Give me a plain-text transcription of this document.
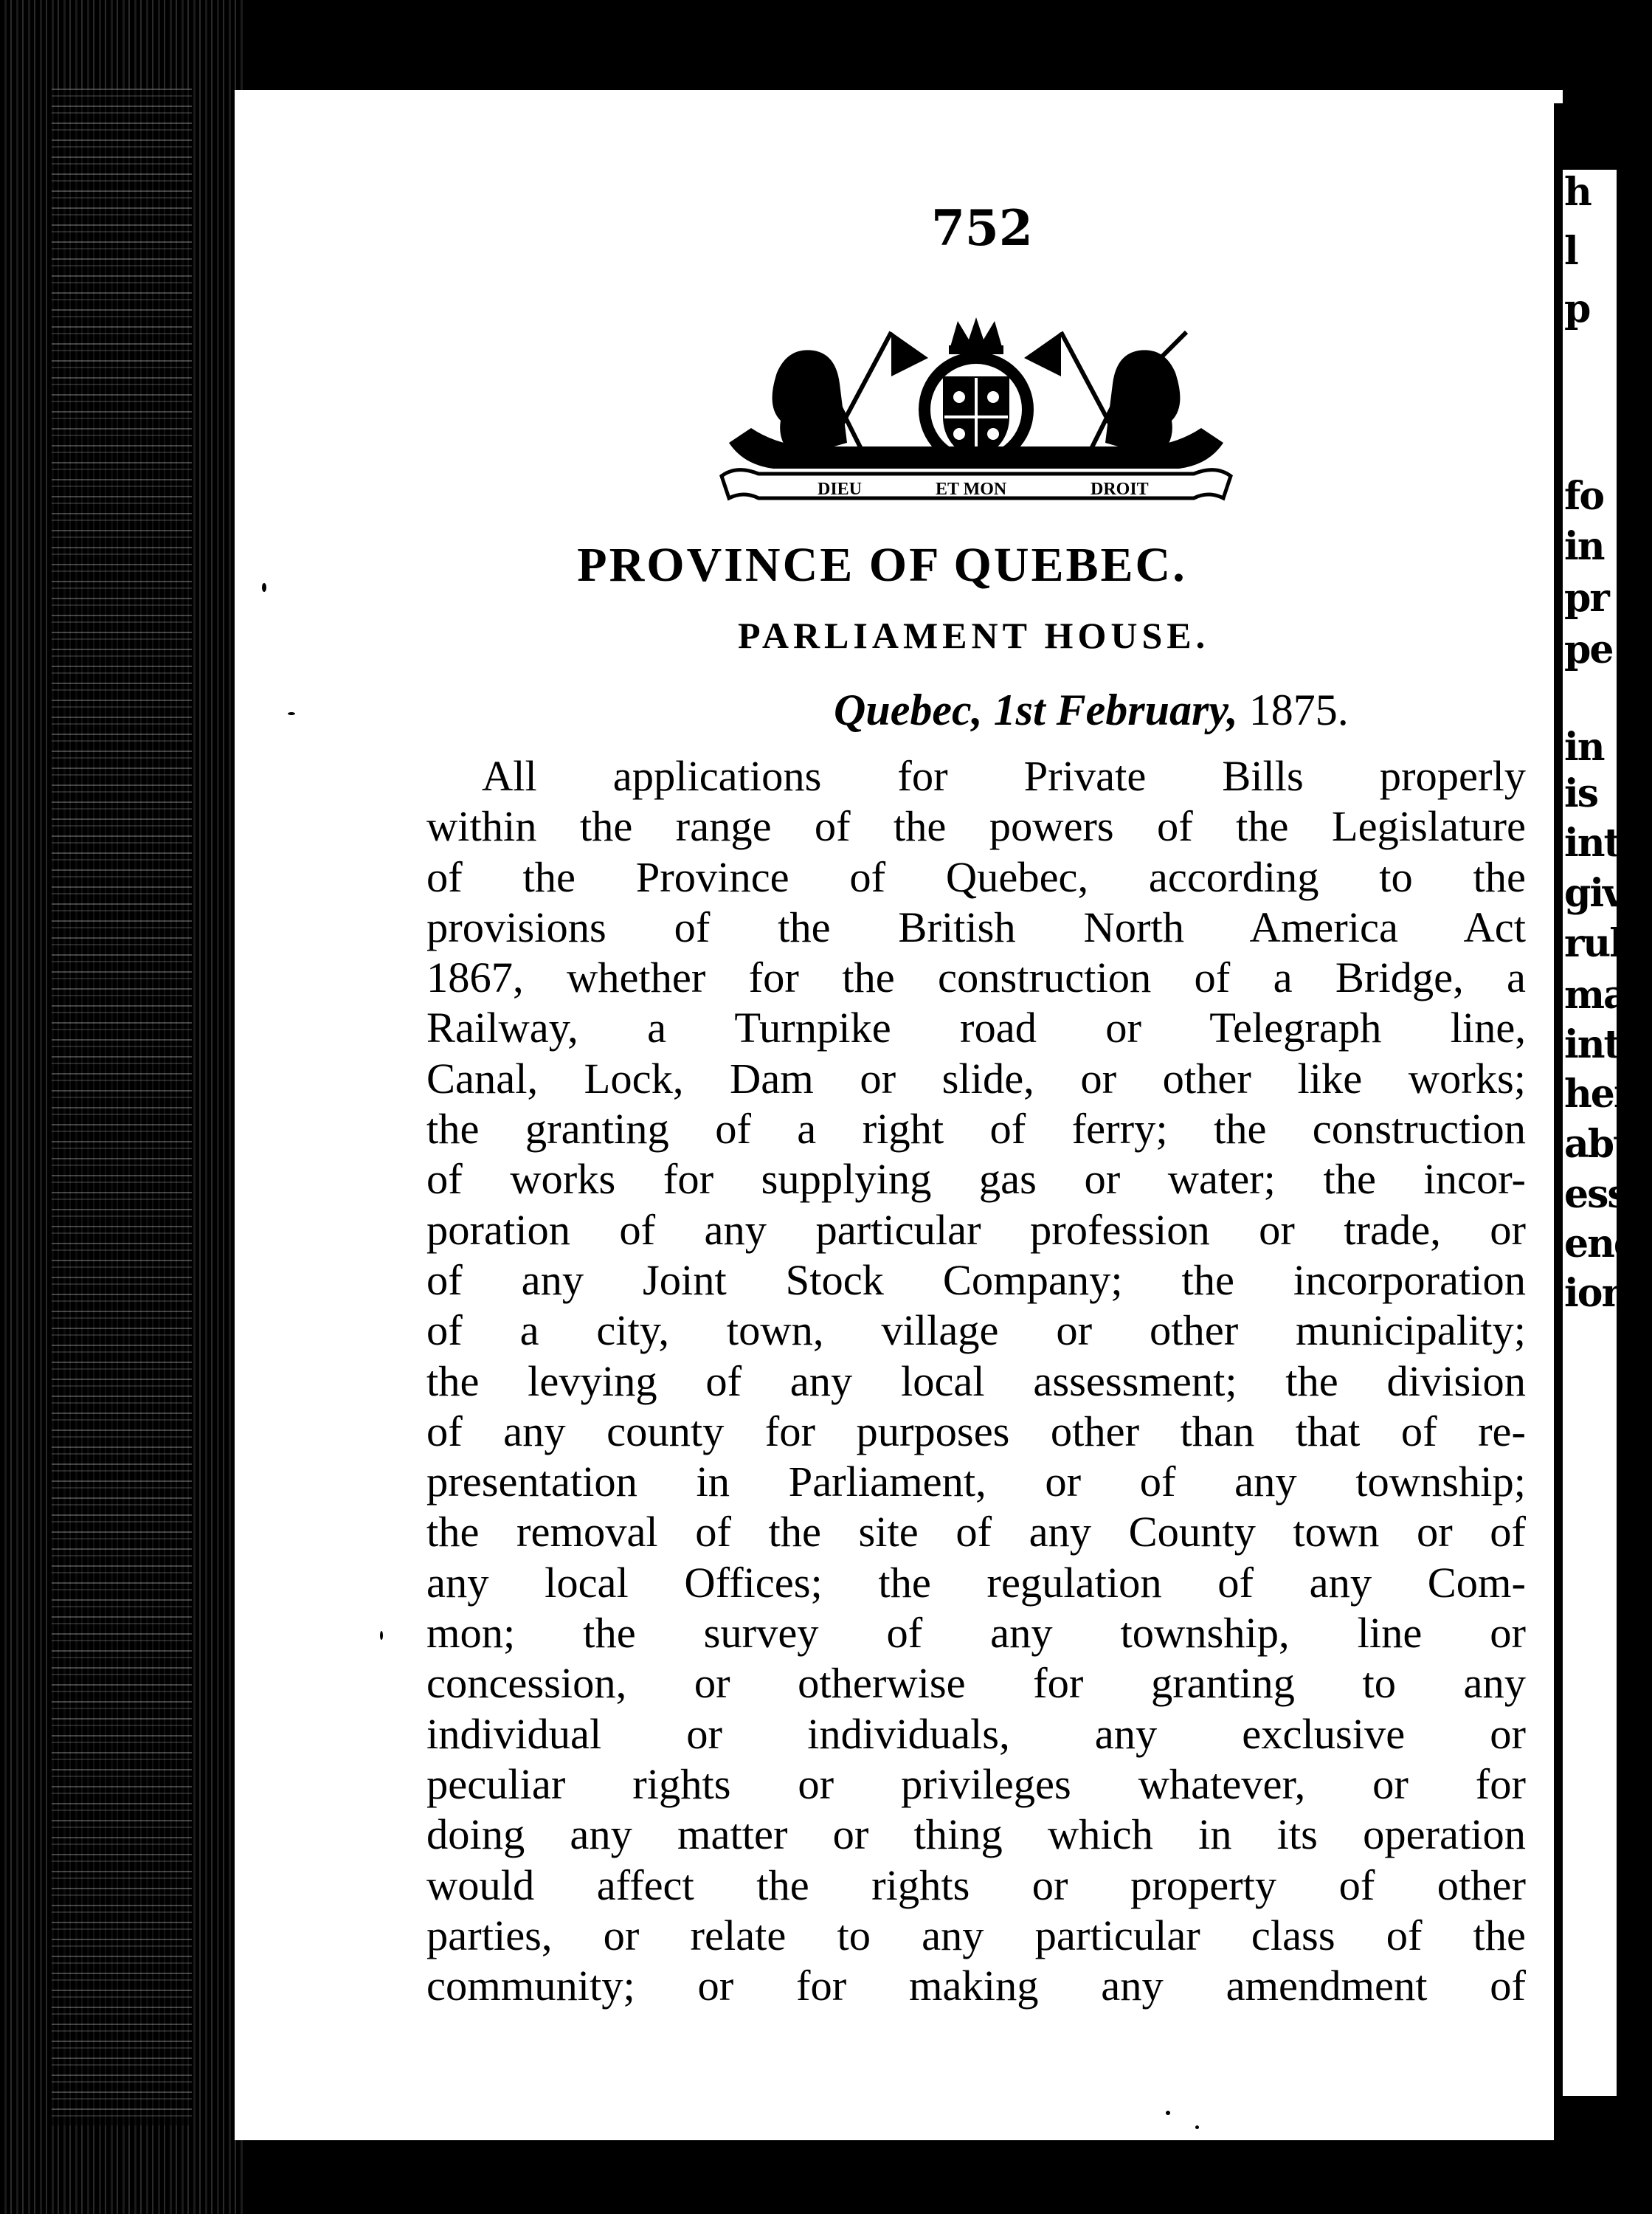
h
l
p
fo
in
pr
pe
in
is
int
giv
rul
ma
inte
heig
abu
ess
end
ion
752
DIEU	ET MON	DROIT
PROVINCE OF QUEBEC.
PARLIAMENT HOUSE.
Quebec, 1st February, 1875.
All applications for Private Bills properly
within the range of the powers of the Legislature
of the Province of Quebec, according to the
provisions of the British North America Act
1867, whether for the construction of a Bridge, a
Railway, a Turnpike road or Telegraph line,
Canal, Lock, Dam or slide, or other like works;
the granting of a right of ferry; the construction
of works for supplying gas or water; the incor-
poration of any particular profession or trade, or
of any Joint Stock Company; the incorporation
of a city, town, village or other municipality;
the levying of any local assessment; the division
of any county for purposes other than that of re-
presentation in Parliament, or of any township;
the removal of the site of any County town or of
any local Offices; the regulation of any Com-
mon; the survey of any township, line or
concession, or otherwise for granting to any
individual or individuals, any exclusive or
peculiar rights or privileges whatever, or for
doing any matter or thing which in its operation
would affect the rights or property of other
parties, or relate to any particular class of the
community; or for making any amendment of
